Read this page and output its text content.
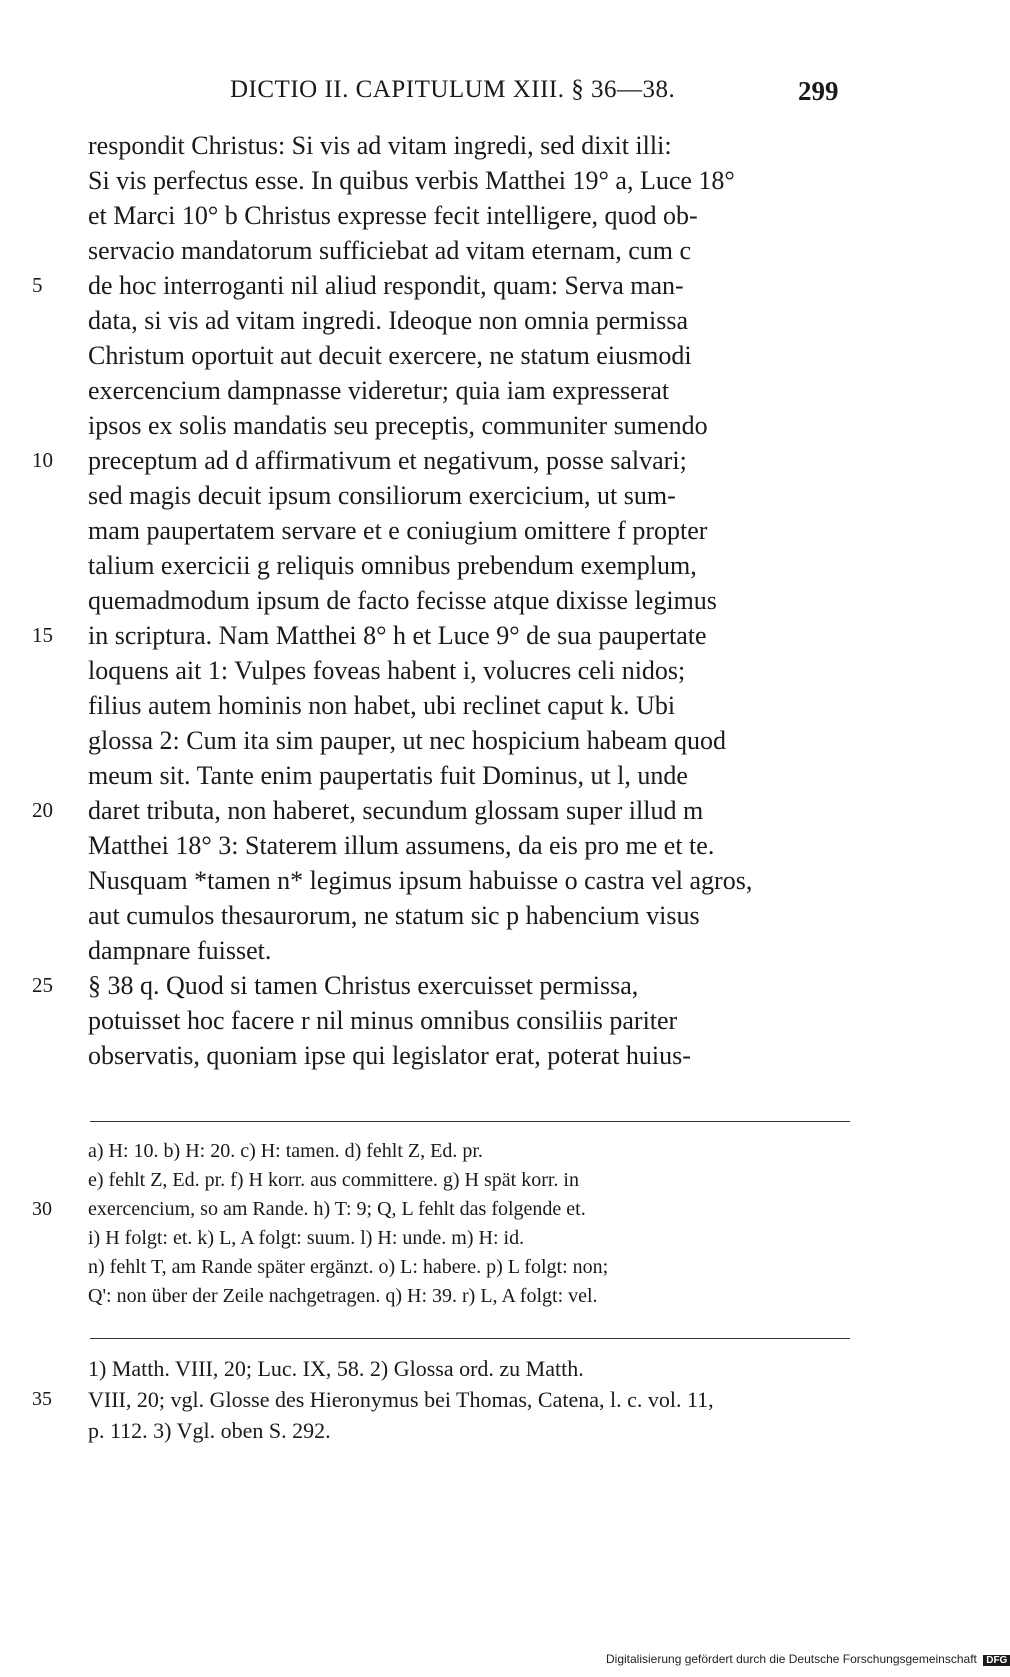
DICTIO II. CAPITULUM XIII. § 36—38.	299
respondit Christus: Si vis ad vitam ingredi, sed dixit illi:
Si vis perfectus esse. In quibus verbis Matthei 19° a, Luce 18°
et Marci 10° b Christus expresse fecit intelligere, quod ob-
servacio mandatorum sufficiebat ad vitam eternam, cum c
5	de hoc interroganti nil aliud respondit, quam: Serva man-
data, si vis ad vitam ingredi. Ideoque non omnia permissa
Christum oportuit aut decuit exercere, ne statum eiusmodi
exercencium dampnasse videretur; quia iam expresserat
ipsos ex solis mandatis seu preceptis, communiter sumendo
10	preceptum ad d affirmativum et negativum, posse salvari;
sed magis decuit ipsum consiliorum exercicium, ut sum-
mam paupertatem servare et e coniugium omittere f propter
talium exercicii g reliquis omnibus prebendum exemplum,
quemadmodum ipsum de facto fecisse atque dixisse legimus
15	in scriptura. Nam Matthei 8° h et Luce 9° de sua paupertate
loquens ait 1: Vulpes foveas habent i, volucres celi nidos;
filius autem hominis non habet, ubi reclinet caput k. Ubi
glossa 2: Cum ita sim pauper, ut nec hospicium habeam quod
meum sit. Tante enim paupertatis fuit Dominus, ut l, unde
20	daret tributa, non haberet, secundum glossam super illud m
Matthei 18° 3: Staterem illum assumens, da eis pro me et te.
Nusquam *tamen n* legimus ipsum habuisse o castra vel agros,
aut cumulos thesaurorum, ne statum sic p habencium visus
dampnare fuisset.
25	§ 38 q. Quod si tamen Christus exercuisset permissa,
potuisset hoc facere r nil minus omnibus consiliis pariter
observatis, quoniam ipse qui legislator erat, poterat huius-
a) H: 10. b) H: 20. c) H: tamen. d) fehlt Z, Ed. pr.
e) fehlt Z, Ed. pr. f) H korr. aus committere. g) H spät korr. in
30	exercencium, so am Rande. h) T: 9; Q, L fehlt das folgende et.
i) H folgt: et. k) L, A folgt: suum. l) H: unde. m) H: id.
n) fehlt T, am Rande später ergänzt. o) L: habere. p) L folgt: non;
Q': non über der Zeile nachgetragen. q) H: 39. r) L, A folgt: vel.
1) Matth. VIII, 20; Luc. IX, 58. 2) Glossa ord. zu Matth.
35	VIII, 20; vgl. Glosse des Hieronymus bei Thomas, Catena, l. c. vol. 11,
p. 112. 3) Vgl. oben S. 292.
Digitalisierung gefördert durch die Deutsche Forschungsgemeinschaft DFG
